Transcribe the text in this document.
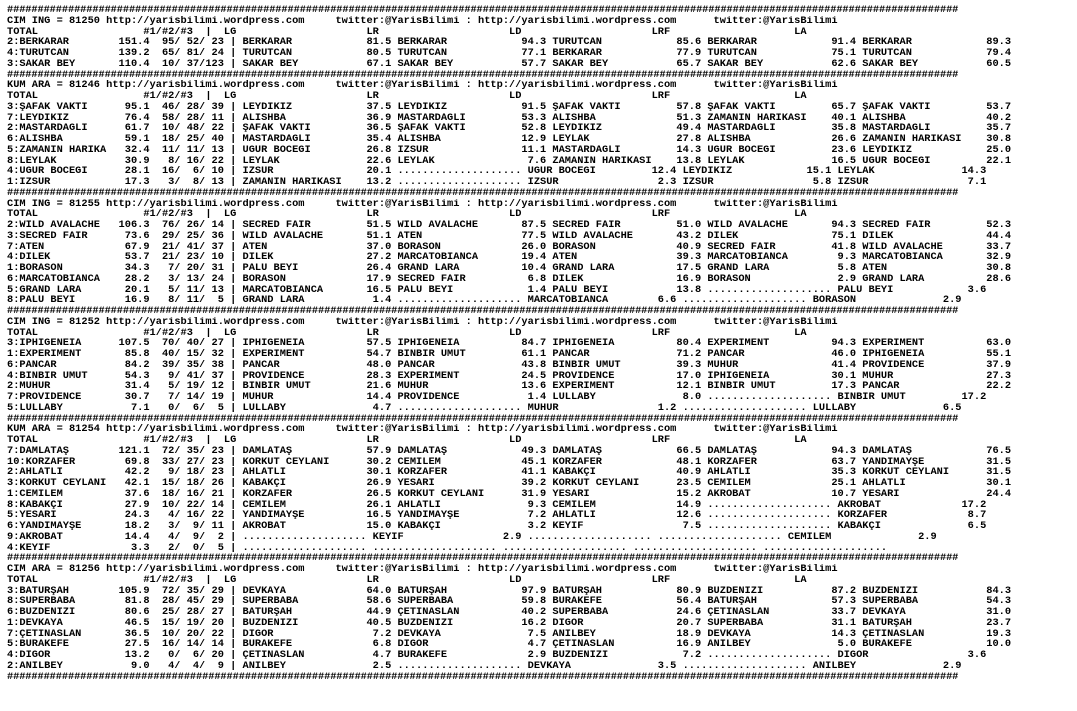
############################################################################################################################################################
CIM ING = 81250 http://yarisbilimi.wordpress.com     twitter:@YarisBilimi : http://yarisbilimi.wordpress.com      twitter:@YarisBilimi
TOTAL                 #1/#2/#3  |  LG                     LR                     LD                     LRF                    LA
2:BERKARAR        151.4  95/ 52/ 23 | BERKARAR            81.5 BERKARAR            94.3 TÜRÜTCAN            85.6 BERKARAR            91.4 BERKARAR            89.3
4:TÜRÜTCAN        139.2  65/ 81/ 24 | TÜRÜTCAN            80.5 TÜRÜTCAN            77.1 BERKARAR            77.9 TÜRÜTCAN            75.1 TÜRÜTCAN            79.4
3:SAKAR BEY       110.4  10/ 37/123 | SAKAR BEY           67.1 SAKAR BEY           57.7 SAKAR BEY           65.7 SAKAR BEY           62.6 SAKAR BEY           60.5
############################################################################################################################################################
KUM ARA = 81246 http://yarisbilimi.wordpress.com     twitter:@YarisBilimi : http://yarisbilimi.wordpress.com      twitter:@YarisBilimi
TOTAL                 #1/#2/#3  |  LG                     LR                     LD                     LRF                    LA
3:ŞAFAK VAKTİ      95.1  46/ 28/ 39 | LEYDİKİZ            37.5 LEYDİKİZ            91.5 ŞAFAK VAKTİ         57.8 ŞAFAK VAKTİ         65.7 ŞAFAK VAKTİ         53.7
7:LEYDİKİZ         76.4  58/ 28/ 11 | ALİSHBA             36.9 MASTARDAĞLI         53.3 ALİSHBA             51.3 ZAMANIN HARİKASI    40.1 ALİSHBA             40.2
2:MASTARDAĞLI      61.7  10/ 48/ 22 | ŞAFAK VAKTİ         36.5 ŞAFAK VAKTİ         52.8 LEYDİKİZ            49.4 MASTARDAĞLI         35.8 MASTARDAĞLI         35.7
6:ALİSHBA          59.1  18/ 25/ 40 | MASTARDAĞLI         35.4 ALİSHBA             12.9 LEYLAK              27.8 ALİSHBA             26.6 ZAMANIN HARİKASI    30.8
5:ZAMANIN HARİKA   32.4  11/ 11/ 13 | UĞUR BÖCEĞİ         26.8 İZSÜR               11.1 MASTARDAĞLI         14.3 UĞUR BÖCEĞİ         23.6 LEYDİKİZ            25.0
8:LEYLAK           30.9   8/ 16/ 22 | LEYLAK              22.6 LEYLAK               7.6 ZAMANIN HARİKASI    13.8 LEYLAK              16.5 UĞUR BÖCEĞİ         22.1
4:UĞUR BÖCEĞİ      28.1  16/  6/ 10 | İZSÜR               20.1 .................... UĞUR BÖCEĞİ         12.4 LEYDİKİZ            15.1 LEYLAK              14.3
1:İZSÜR            17.3   3/  8/ 13 | ZAMANIN HARİKASI    13.2 .................... İZSÜR                2.3 İZSÜR                5.8 İZSÜR                7.1
############################################################################################################################################################
CIM ING = 81255 http://yarisbilimi.wordpress.com     twitter:@YarisBilimi : http://yarisbilimi.wordpress.com      twitter:@YarisBilimi
TOTAL                 #1/#2/#3  |  LG                     LR                     LD                     LRF                    LA
2:WILD AVALACHE   106.3  76/ 26/ 14 | SECRED FAIR         51.5 WILD AVALACHE       87.5 SECRED FAIR         51.0 WILD AVALACHE       94.3 SECRED FAIR         52.3
3:SECRED FAIR      73.6  29/ 25/ 36 | WILD AVALACHE       51.1 ATEN                77.5 WILD AVALACHE       43.2 DİLEK               75.1 DİLEK               44.4
7:ATEN             67.9  21/ 41/ 37 | ATEN                37.0 BORASON             26.0 BORASON             40.9 SECRED FAIR         41.8 WILD AVALACHE       33.7
4:DİLEK            53.7  21/ 23/ 10 | DİLEK               27.2 MARCATOBIANCA       19.4 ATEN                39.3 MARCATOBIANCA        9.3 MARCATOBIANCA       32.9
1:BORASON          34.3   7/ 20/ 31 | PALU BEYİ           26.4 GRAND LARA          10.4 GRAND LARA          17.5 GRAND LARA           5.8 ATEN                30.8
6:MARCATOBIANCA    28.2   3/ 13/ 24 | BORASON             17.9 SECRED FAIR          6.8 DİLEK               16.9 BORASON              2.9 GRAND LARA          28.6
5:GRAND LARA       20.1   5/ 11/ 13 | MARCATOBIANCA       16.5 PALU BEYİ            1.4 PALU BEYİ           13.8 .................... PALU BEYİ            3.6
8:PALU BEYİ        16.9   8/ 11/  5 | GRAND LARA           1.4 .................... MARCATOBIANCA        6.6 .................... BORASON              2.9
############################################################################################################################################################
CIM ING = 81252 http://yarisbilimi.wordpress.com     twitter:@YarisBilimi : http://yarisbilimi.wordpress.com      twitter:@YarisBilimi
TOTAL                 #1/#2/#3  |  LG                     LR                     LD                     LRF                    LA
3:IPHIGENEIA      107.5  70/ 40/ 27 | IPHIGENEIA          57.5 IPHIGENEIA          84.7 IPHIGENEIA          80.4 EXPERIMENT          94.3 EXPERIMENT          63.0
1:EXPERIMENT       85.8  40/ 15/ 32 | EXPERIMENT          54.7 BİNBİR UMUT         61.1 PANCAR              71.2 PANCAR              46.0 IPHIGENEIA          55.1
6:PANCAR           84.2  39/ 35/ 38 | PANCAR              48.0 PANCAR              43.8 BİNBİR UMUT         39.3 MÜHÜR               41.4 PROVIDENCE          37.9
4:BİNBİR UMUT      54.3   9/ 41/ 37 | PROVIDENCE          28.3 EXPERIMENT          24.5 PROVIDENCE          17.0 IPHIGENEIA          30.1 MÜHÜR               27.3
2:MÜHÜR            31.4   5/ 19/ 12 | BİNBİR UMUT         21.6 MÜHÜR               13.6 EXPERIMENT          12.1 BİNBİR UMUT         17.3 PANCAR              22.2
7:PROVIDENCE       30.7   7/ 14/ 19 | MÜHÜR               14.4 PROVIDENCE           1.4 LULLABY              8.0 .................... BİNBİR UMUT         17.2
5:LULLABY           7.1   0/  6/  5 | LULLABY              4.7 .................... MÜHÜR                1.2 .................... LULLABY              6.5
############################################################################################################################################################
KUM ARA = 81254 http://yarisbilimi.wordpress.com     twitter:@YarisBilimi : http://yarisbilimi.wordpress.com      twitter:@YarisBilimi
TOTAL                 #1/#2/#3  |  LG                     LR                     LD                     LRF                    LA
7:DAMLATAŞ        121.1  72/ 35/ 23 | DAMLATAŞ            57.9 DAMLATAŞ            49.3 DAMLATAŞ            66.5 DAMLATAŞ            94.3 DAMLATAŞ            76.5
10:KORZAFER        69.8  33/ 27/ 23 | KORKUT CEYLANI      30.2 CEMİLEM             45.1 KORZAFER            48.1 KORZAFER            63.7 YANDIMAYŞE          31.5
2:AHLATLI          42.2   9/ 18/ 23 | AHLATLI             30.1 KORZAFER            41.1 KABAKÇI             40.9 AHLATLI             35.3 KORKUT CEYLANI      31.5
3:KORKUT CEYLANI   42.1  15/ 18/ 26 | KABAKÇI             26.9 YESARİ              39.2 KORKUT CEYLANI      23.5 CEMİLEM             25.1 AHLATLI             30.1
1:CEMİLEM          37.6  18/ 16/ 21 | KORZAFER            26.5 KORKUT CEYLANI      31.9 YESARİ              15.2 AKROBAT             10.7 YESARİ              24.4
8:KABAKÇI          27.9  10/ 22/ 14 | CEMİLEM             26.1 AHLATLI              9.3 CEMİLEM             14.9 .................... AKROBAT             17.2
5:YESARİ           24.3   4/ 16/ 22 | YANDIMAYŞE          16.5 YANDIMAYŞE           7.2 AHLATLI             12.6 .................... KORZAFER             8.7
6:YANDIMAYŞE       18.2   3/  9/ 11 | AKROBAT             15.0 KABAKÇI              3.2 KEYİF                7.5 .................... KABAKÇI              6.5
9:AKROBAT          14.4   4/  9/  2 | .................... KEYİF                2.9 .................... .................... CEMİLEM              2.9
4:KEYİF             3.3   2/  0/  5 | .................... .................... .................... .................... ....................
############################################################################################################################################################
CIM ARA = 81256 http://yarisbilimi.wordpress.com     twitter:@YarisBilimi : http://yarisbilimi.wordpress.com      twitter:@YarisBilimi
TOTAL                 #1/#2/#3  |  LG                     LR                     LD                     LRF                    LA
3:BATURŞAH        105.9  72/ 35/ 29 | DEVKAYA             64.0 BATURŞAH            97.9 BATURŞAH            80.9 BUZDENİZİ           87.2 BUZDENİZİ           84.3
8:SÜPERBABA        81.8  28/ 45/ 29 | SÜPERBABA           58.6 SÜPERBABA           59.8 BURAKEFE            56.4 BATURŞAH            57.3 SÜPERBABA           54.3
6:BUZDENİZİ        80.6  25/ 28/ 27 | BATURŞAH            44.9 ÇETİNASLAN          40.2 SÜPERBABA           24.6 ÇETİNASLAN          33.7 DEVKAYA             31.0
1:DEVKAYA          46.5  15/ 19/ 20 | BUZDENİZİ           40.5 BUZDENİZİ           16.2 DİGOR               20.7 SÜPERBABA           31.1 BATURŞAH            23.7
7:ÇETİNASLAN       36.5  10/ 20/ 22 | DİGOR                7.2 DEVKAYA              7.5 ANILBEY             18.9 DEVKAYA             14.3 ÇETİNASLAN          19.3
5:BURAKEFE         27.5  16/ 14/ 14 | BURAKEFE             6.8 DİGOR                4.7 ÇETİNASLAN          16.9 ANILBEY              5.0 BURAKEFE            10.0
4:DİGOR            13.2   0/  6/ 20 | ÇETİNASLAN           4.7 BURAKEFE             2.9 BUZDENİZİ            7.2 .................... DİGOR                3.6
2:ANILBEY           9.0   4/  4/  9 | ANILBEY              2.5 .................... DEVKAYA              3.5 .................... ANILBEY              2.9
############################################################################################################################################################
